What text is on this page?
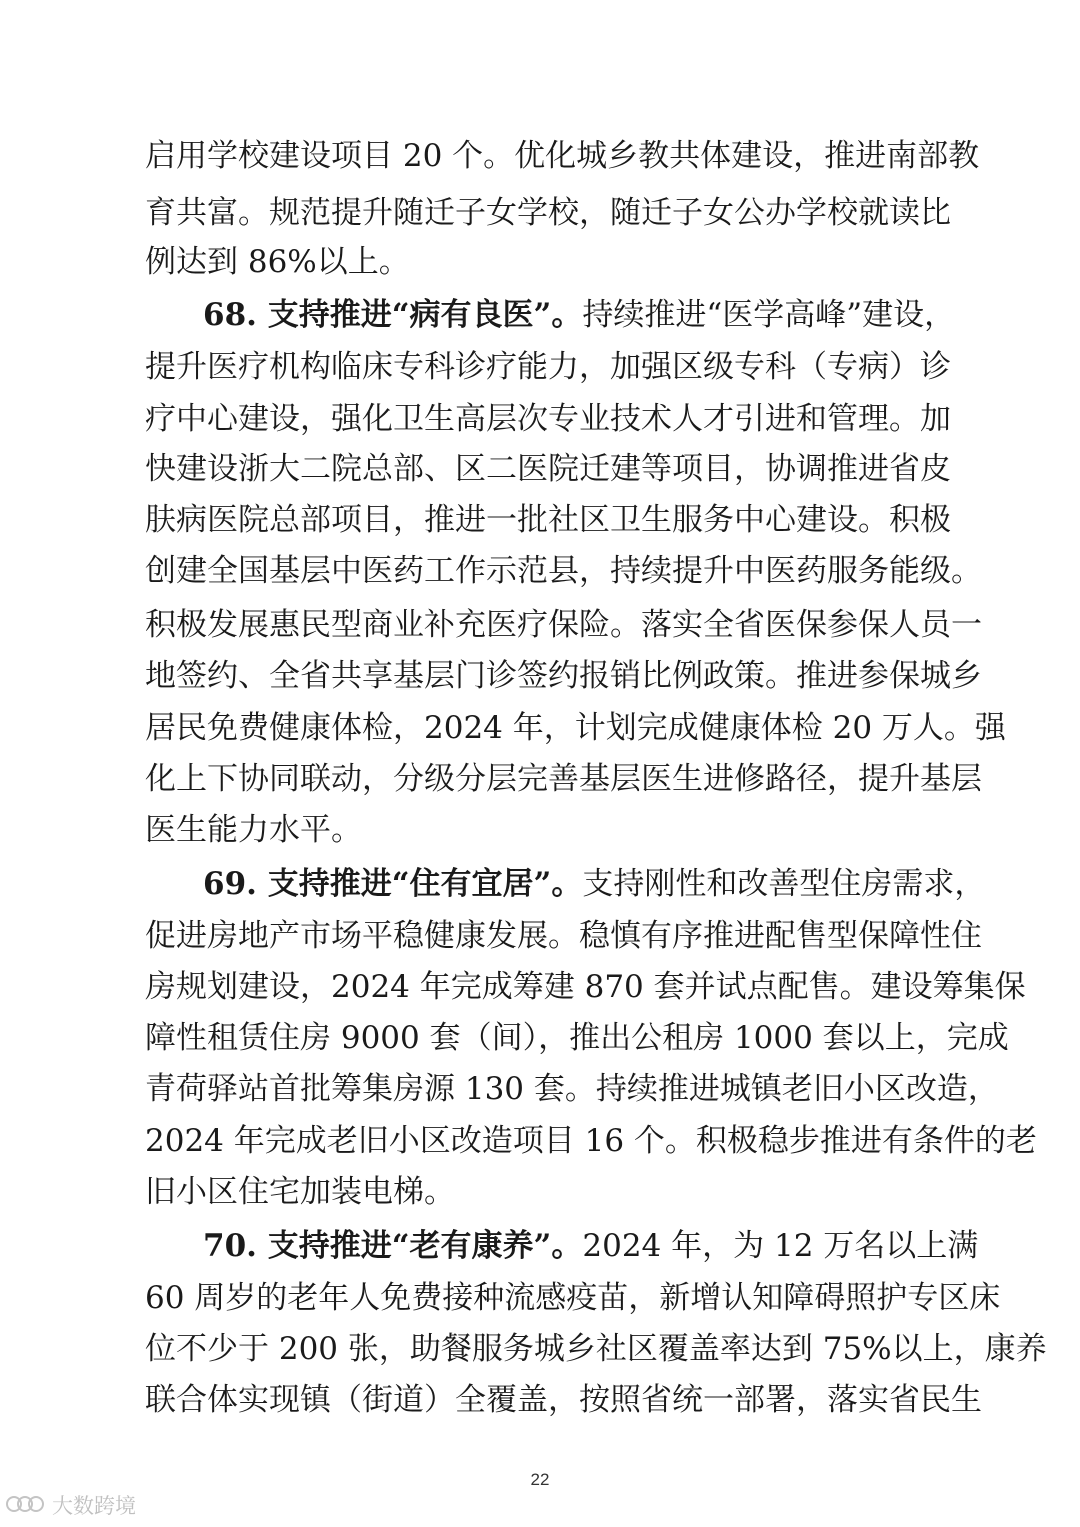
启用学校建设项目 20 个。优化城乡教共体建设，推进南部教
育共富。规范提升随迁子女学校，随迁子女公办学校就读比
例达到 86%以上。
68. 支持推进“病有良医”。持续推进“医学高峰”建设，
提升医疗机构临床专科诊疗能力，加强区级专科（专病）诊
疗中心建设，强化卫生高层次专业技术人才引进和管理。加
快建设浙大二院总部、区二医院迁建等项目，协调推进省皮
肤病医院总部项目，推进一批社区卫生服务中心建设。积极
创建全国基层中医药工作示范县，持续提升中医药服务能级。
积极发展惠民型商业补充医疗保险。落实全省医保参保人员一
地签约、全省共享基层门诊签约报销比例政策。推进参保城乡
居民免费健康体检，2024 年，计划完成健康体检 20 万人。强
化上下协同联动，分级分层完善基层医生进修路径，提升基层
医生能力水平。
69. 支持推进“住有宜居”。支持刚性和改善型住房需求，
促进房地产市场平稳健康发展。稳慎有序推进配售型保障性住
房规划建设，2024 年完成筹建 870 套并试点配售。建设筹集保
障性租赁住房 9000 套（间），推出公租房 1000 套以上，完成
青荷驿站首批筹集房源 130 套。持续推进城镇老旧小区改造，
2024 年完成老旧小区改造项目 16 个。积极稳步推进有条件的老
旧小区住宅加装电梯。
70. 支持推进“老有康养”。2024 年，为 12 万名以上满
60 周岁的老年人免费接种流感疫苗，新增认知障碍照护专区床
位不少于 200 张，助餐服务城乡社区覆盖率达到 75%以上，康养
联合体实现镇（街道）全覆盖，按照省统一部署，落实省民生
22
大数跨境
